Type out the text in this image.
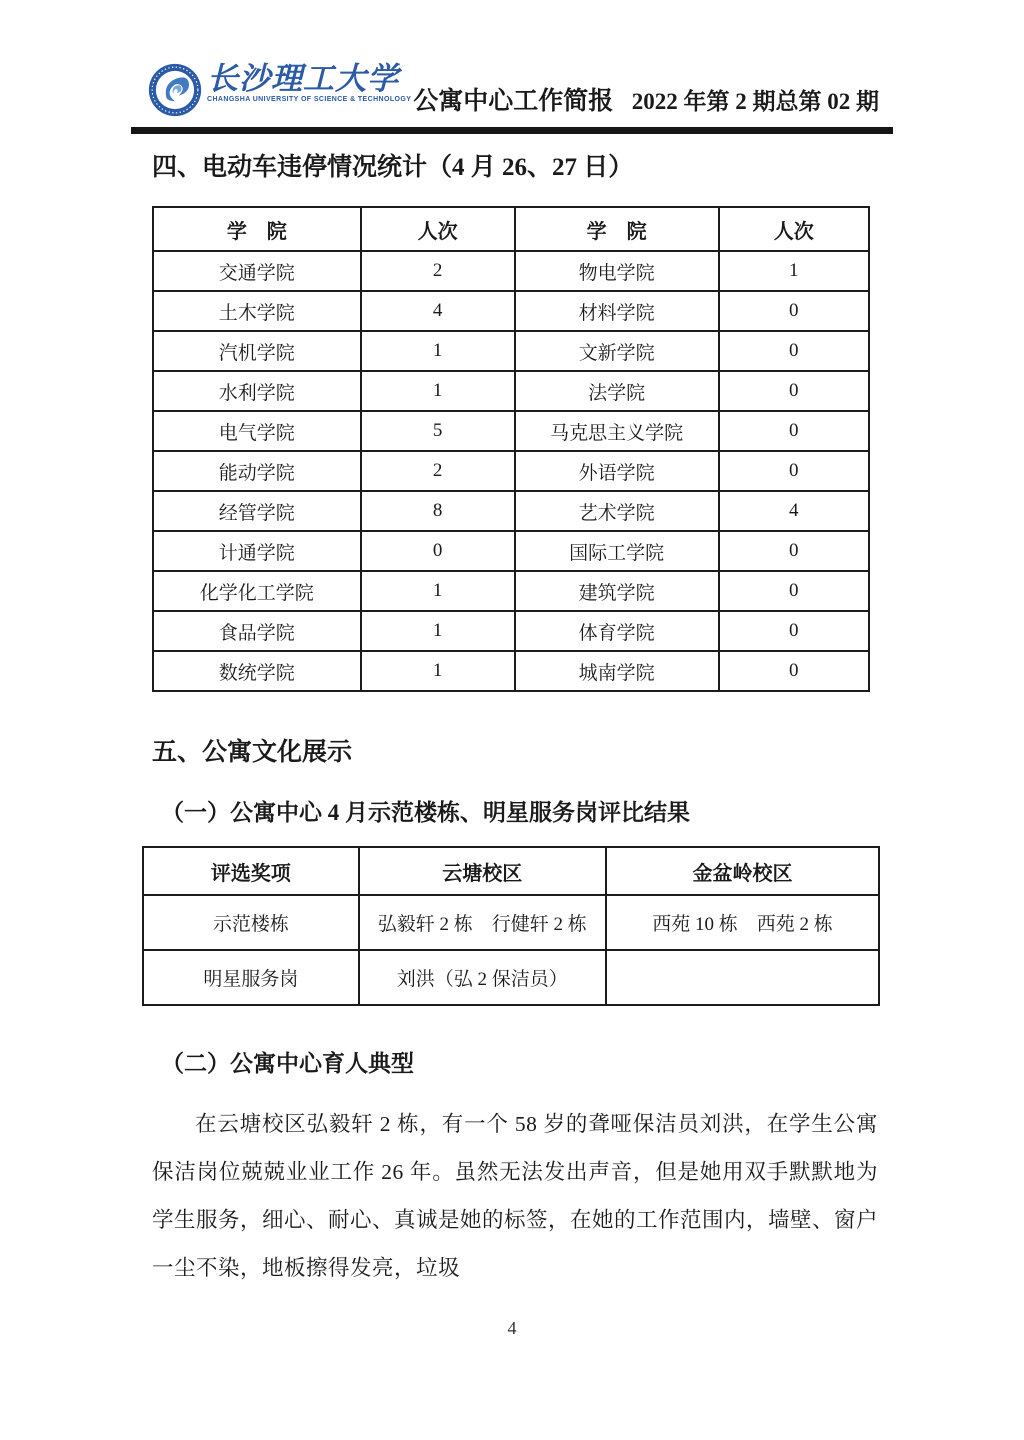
长沙理工大学
CHANGSHA UNIVERSITY OF SCIENCE & TECHNOLOGY 公寓中心工作简报 2022 年第 2 期总第 02 期
四、电动车违停情况统计（4 月 26、27 日）
学　院	人次	学　院	人次
交通学院	2	物电学院	1
土木学院	4	材料学院	0
汽机学院	1	文新学院	0
水利学院	1	法学院	0
电气学院	5	马克思主义学院	0
能动学院	2	外语学院	0
经管学院	8	艺术学院	4
计通学院	0	国际工学院	0
化学化工学院	1	建筑学院	0
食品学院	1	体育学院	0
数统学院	1	城南学院	0
五、公寓文化展示
（一）公寓中心 4 月示范楼栋、明星服务岗评比结果
评选奖项	云塘校区	金盆岭校区
示范楼栋	弘毅轩 2 栋　行健轩 2 栋	西苑 10 栋　西苑 2 栋
明星服务岗	刘洪（弘 2 保洁员）	
（二）公寓中心育人典型

在云塘校区弘毅轩 2 栋，有一个 58 岁的聋哑保洁员刘洪，在学生公寓保洁岗位兢兢业业工作 26 年。虽然无法发出声音，但是她用双手默默地为学生服务，细心、耐心、真诚是她的标签，在她的工作范围内，墙壁、窗户一尘不染，地板擦得发亮，垃圾

4
